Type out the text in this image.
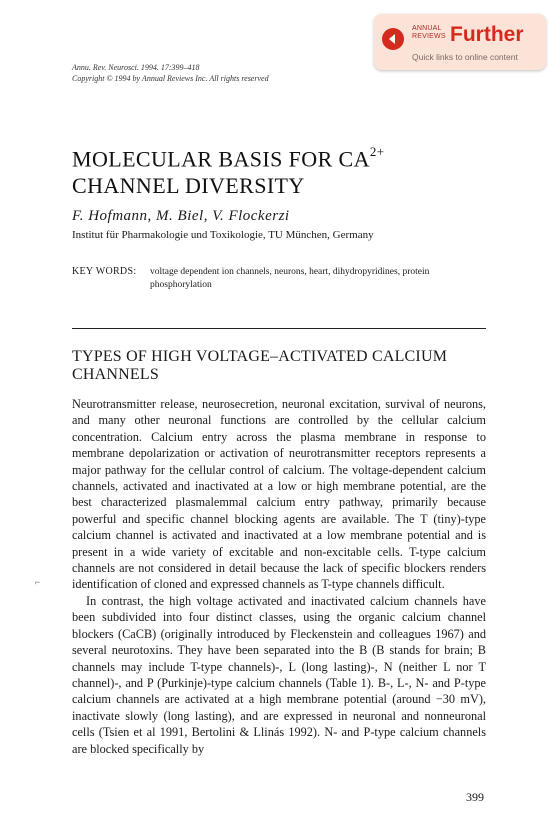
ANNUAL
REVIEWS Further
Quick links to online content
Annu. Rev. Neurosci. 1994. 17:399–418
Copyright © 1994 by Annual Reviews Inc. All rights reserved
MOLECULAR BASIS FOR $CA^{2+}$
CHANNEL DIVERSITY
F. Hofmann, M. Biel, V. Flockerzi
Institut für Pharmakologie und Toxikologie, TU München, Germany
KEY WORDS: voltage dependent ion channels, neurons, heart, dihydropyridines, protein phosphorylation
TYPES OF HIGH VOLTAGE–ACTIVATED CALCIUM CHANNELS

Neurotransmitter release, neurosecretion, neuronal excitation, survival of neurons, and many other neuronal functions are controlled by the cellular calcium concentration. Calcium entry across the plasma membrane in response to membrane depolarization or activation of neurotransmitter receptors represents a major pathway for the cellular control of calcium. The voltage-dependent calcium channels, activated and inactivated at a low or high membrane potential, are the best characterized plasmalemmal calcium entry pathway, primarily because powerful and specific channel blocking agents are available. The T (tiny)-type calcium channel is activated and inactivated at a low membrane potential and is present in a wide variety of excitable and non-excitable cells. T-type calcium channels are not considered in detail because the lack of specific blockers renders identification of cloned and expressed channels as T-type channels difficult.

In contrast, the high voltage activated and inactivated calcium channels have been subdivided into four distinct classes, using the organic calcium channel blockers (CaCB) (originally introduced by Fleckenstein and colleagues 1967) and several neurotoxins. They have been separated into the B (B stands for brain; B channels may include T-type channels)-, L (long lasting)-, N (neither L nor T channel)-, and P (Purkinje)-type calcium channels (Table 1). B-, L-, N- and P-type calcium channels are activated at a high membrane potential (around −30 mV), inactivate slowly (long lasting), and are expressed in neuronal and nonneuronal cells (Tsien et al 1991, Bertolini & Llinás 1992). N- and P-type calcium channels are blocked specifically by

⌐
399
